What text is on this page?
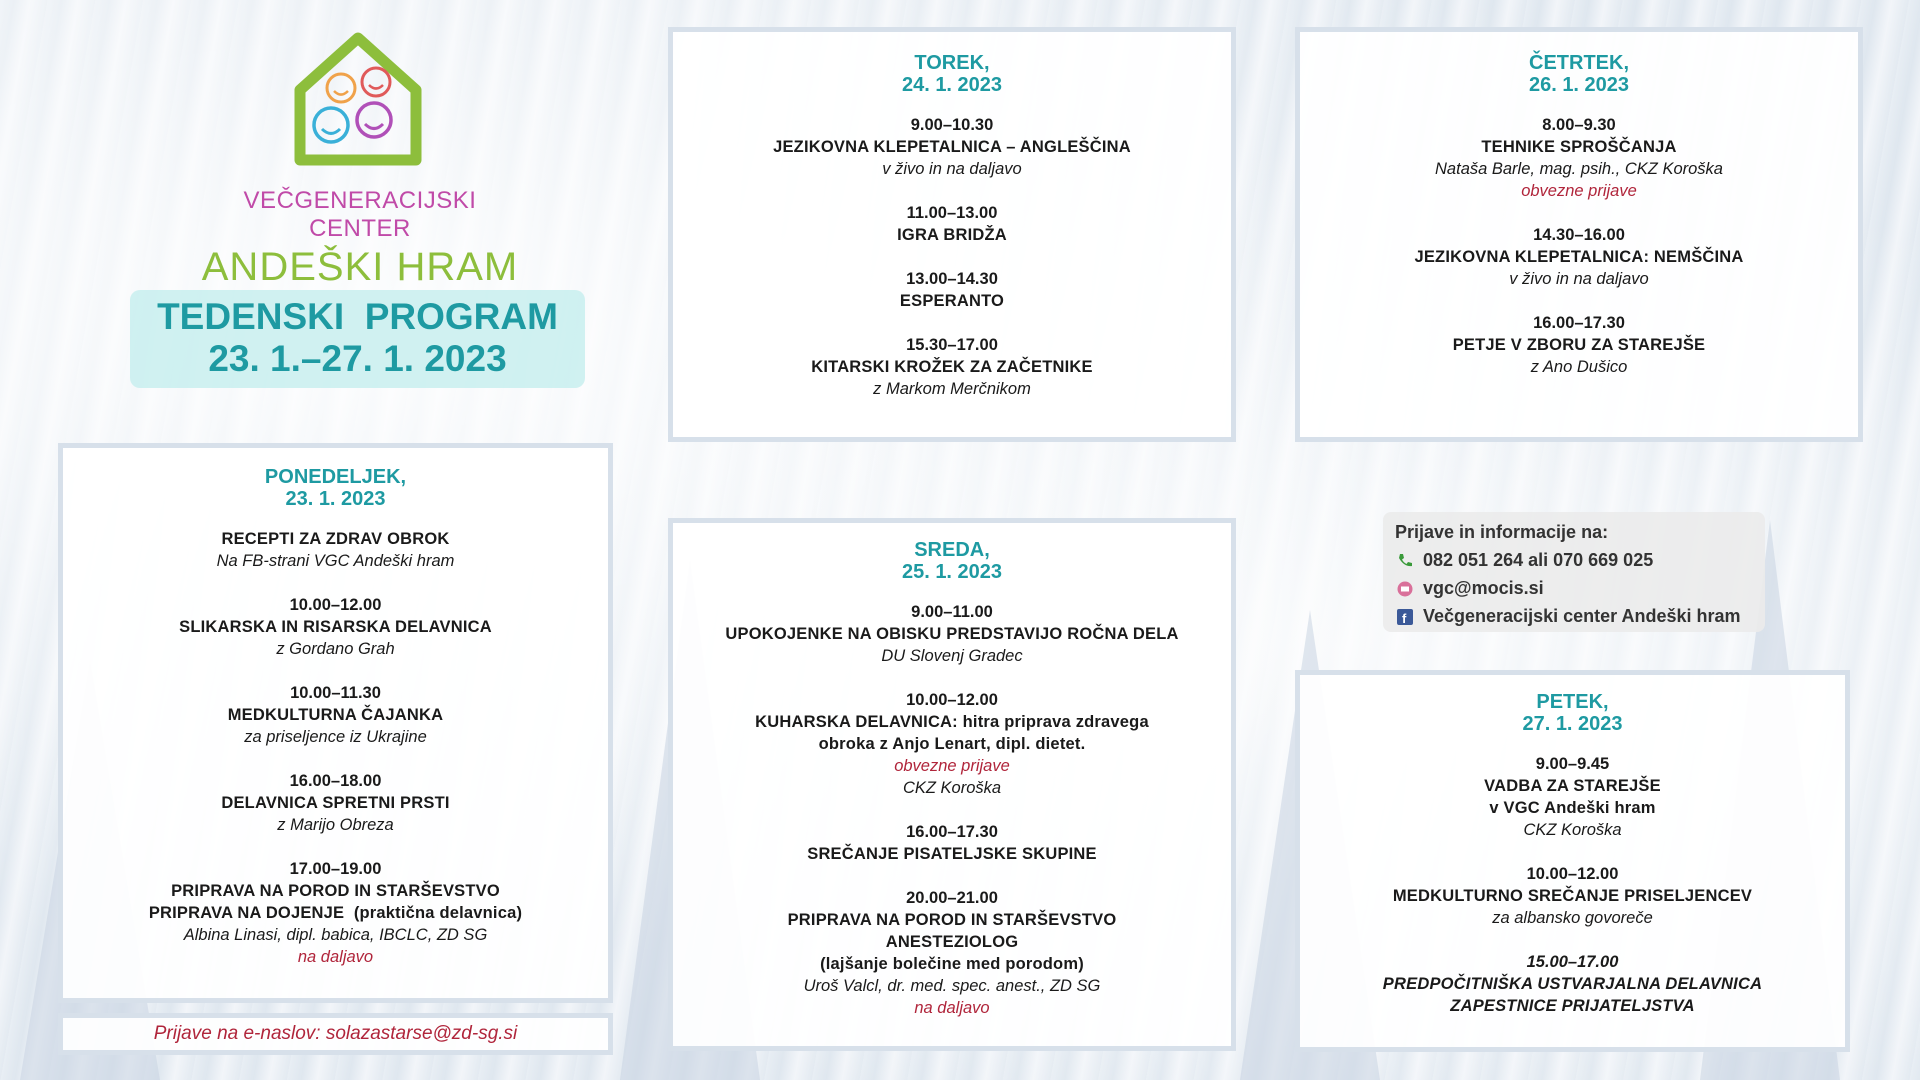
VEČGENERACIJSKI CENTER
ANDEŠKI HRAM
TEDENSKI  PROGRAM
23. 1.–27. 1. 2023
PONEDELJEK,
23. 1. 2023
RECEPTI ZA ZDRAV OBROK
Na FB-strani VGC Andeški hram
10.00–12.00
SLIKARSKA IN RISARSKA DELAVNICA
z Gordano Grah
10.00–11.30
MEDKULTURNA ČAJANKA
za priseljence iz Ukrajine
16.00–18.00
DELAVNICA SPRETNI PRSTI
z Marijo Obreza
17.00–19.00
PRIPRAVA NA POROD IN STARŠEVSTVO
PRIPRAVA NA DOJENJE  (praktična delavnica)
Albina Linasi, dipl. babica, IBCLC, ZD SG
na daljavo
Prijave na e-naslov: solazastarse@zd-sg.si
TOREK,
24. 1. 2023
9.00–10.30
JEZIKOVNA KLEPETALNICA – ANGLEŠČINA
v živo in na daljavo
11.00–13.00
IGRA BRIDŽA
13.00–14.30
ESPERANTO
15.30–17.00
KITARSKI KROŽEK ZA ZAČETNIKE
z Markom Merčnikom
SREDA,
25. 1. 2023
9.00–11.00
UPOKOJENKE NA OBISKU PREDSTAVIJO ROČNA DELA
DU Slovenj Gradec
10.00–12.00
KUHARSKA DELAVNICA: hitra priprava zdravega
obroka z Anjo Lenart, dipl. dietet.
obvezne prijave
CKZ Koroška
16.00–17.30
SREČANJE PISATELJSKE SKUPINE
20.00–21.00
PRIPRAVA NA POROD IN STARŠEVSTVO
ANESTEZIOLOG
(lajšanje bolečine med porodom)
Uroš Valcl, dr. med. spec. anest., ZD SG
na daljavo
ČETRTEK,
26. 1. 2023
8.00–9.30
TEHNIKE SPROŠČANJA
Nataša Barle, mag. psih., CKZ Koroška
obvezne prijave
14.30–16.00
JEZIKOVNA KLEPETALNICA: NEMŠČINA
v živo in na daljavo
16.00–17.30
PETJE V ZBORU ZA STAREJŠE
z Ano Dušico
Prijave in informacije na:
082 051 264 ali 070 669 025
vgc@mocis.si
f Večgeneracijski center Andeški hram
PETEK,
27. 1. 2023
9.00–9.45
VADBA ZA STAREJŠE
v VGC Andeški hram
CKZ Koroška
10.00–12.00
MEDKULTURNO SREČANJE PRISELJENCEV
za albansko govoreče
15.00–17.00
PREDPOČITNIŠKA USTVARJALNA DELAVNICA
ZAPESTNICE PRIJATELJSTVA
